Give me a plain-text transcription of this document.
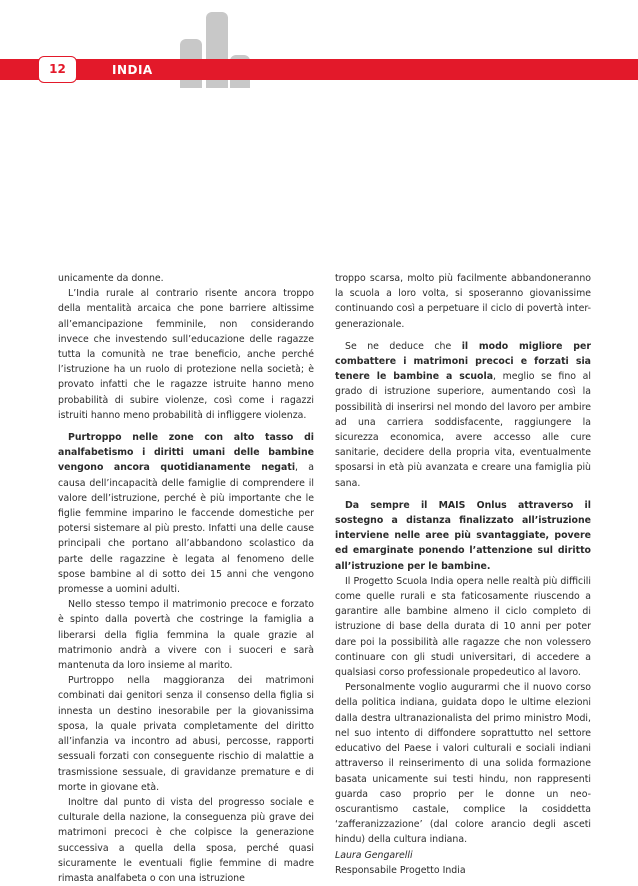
12	INDIA

unicamente da donne.

L’India rurale al contrario risente ancora troppo della mentalità arcaica che pone barriere altissime all’emancipazione femminile, non considerando invece che investendo sull’educazione delle ragazze tutta la comunità ne trae beneficio, anche perché l’istruzione ha un ruolo di protezione nella società; è provato infatti che le ragazze istruite hanno meno probabilità di subire violenze, così come i ragazzi istruiti hanno meno probabilità di infliggere violenza.

Purtroppo nelle zone con alto tasso di analfabetismo i diritti umani delle bambine vengono ancora quotidianamente negati, a causa dell’incapacità delle famiglie di comprendere il valore dell’istruzione, perché è più importante che le figlie femmine imparino le faccende domestiche per potersi sistemare al più presto. Infatti una delle cause principali che portano all’abbandono scolastico da parte delle ragazzine è legata al fenomeno delle spose bambine al di sotto dei 15 anni che vengono promesse a uomini adulti.

Nello stesso tempo il matrimonio precoce e forzato è spinto dalla povertà che costringe la famiglia a liberarsi della figlia femmina la quale grazie al matrimonio andrà a vivere con i suoceri e sarà mantenuta da loro insieme al marito.

Purtroppo nella maggioranza dei matrimoni combinati dai genitori senza il consenso della figlia si innesta un destino inesorabile per la giovanissima sposa, la quale privata completamente del diritto all’infanzia va incontro ad abusi, percosse, rapporti sessuali forzati con conseguente rischio di malattie a trasmissione sessuale, di gravidanze premature e di morte in giovane età.

Inoltre dal punto di vista del progresso sociale e culturale della nazione, la conseguenza più grave dei matrimoni precoci è che colpisce la generazione successiva a quella della sposa, perché quasi sicuramente le eventuali figlie femmine di madre rimasta analfabeta o con una istruzione

troppo scarsa, molto più facilmente abbandoneranno la scuola a loro volta, si sposeranno giovanissime continuando così a perpetuare il ciclo di povertà inter-generazionale.

Se ne deduce che il modo migliore per combattere i matrimoni precoci e forzati sia tenere le bambine a scuola, meglio se fino al grado di istruzione superiore, aumentando così la possibilità di inserirsi nel mondo del lavoro per ambire ad una carriera soddisfacente, raggiungere la sicurezza economica, avere accesso alle cure sanitarie, decidere della propria vita, eventualmente sposarsi in età più avanzata e creare una famiglia più sana.

Da sempre il MAIS Onlus attraverso il sostegno a distanza finalizzato all’istruzione interviene nelle aree più svantaggiate, povere ed emarginate ponendo l’attenzione sul diritto all’istruzione per le bambine.

Il Progetto Scuola India opera nelle realtà più difficili come quelle rurali e sta faticosamente riuscendo a garantire alle bambine almeno il ciclo completo di istruzione di base della durata di 10 anni per poter dare poi la possibilità alle ragazze che non volessero continuare con gli studi universitari, di accedere a qualsiasi corso professionale propedeutico al lavoro.

Personalmente voglio augurarmi che il nuovo corso della politica indiana, guidata dopo le ultime elezioni dalla destra ultranazionalista del primo ministro Modi, nel suo intento di diffondere soprattutto nel settore educativo del Paese i valori culturali e sociali indiani attraverso il reinserimento di una solida formazione basata unicamente sui testi hindu, non rappresenti guarda caso proprio per le donne un neo-oscurantismo castale, complice la cosiddetta ‘zafferanizzazione’ (dal colore arancio degli asceti hindu) della cultura indiana.

Laura Gengarelli

Responsabile Progetto India
